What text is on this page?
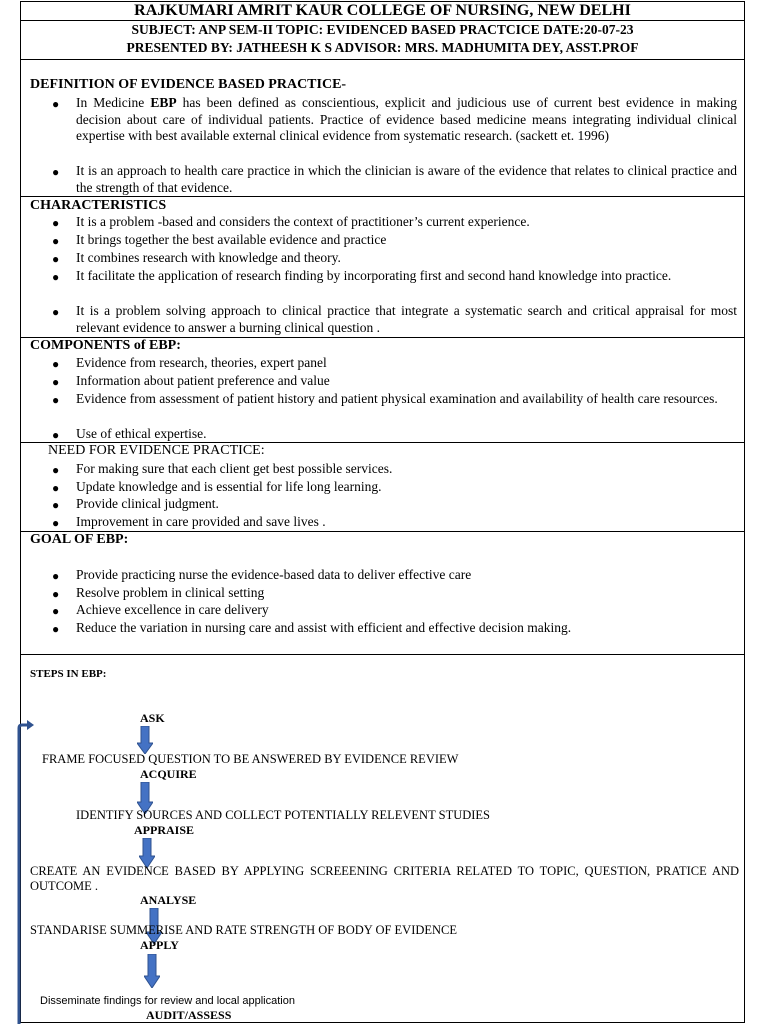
RAJKUMARI AMRIT KAUR COLLEGE OF NURSING, NEW DELHI
SUBJECT: ANP SEM-II TOPIC: EVIDENCED BASED PRACTCICE DATE:20-07-23
PRESENTED BY: JATHEESH K S ADVISOR: MRS. MADHUMITA DEY, ASST.PROF
DEFINITION OF EVIDENCE BASED PRACTICE-
● In Medicine EBP has been defined as conscientious, explicit and judicious use of current best evidence in making decision about care of individual patients. Practice of evidence based medicine means integrating individual clinical expertise with best available external clinical evidence from systematic research. (sackett et. 1996)
● It is an approach to health care practice in which the clinician is aware of the evidence that relates to clinical practice and the strength of that evidence.
CHARACTERISTICS
● It is a problem -based and considers the context of practitioner’s current experience.
● It brings together the best available evidence and practice
● It combines research with knowledge and theory.
● It facilitate the application of research finding by incorporating first and second hand knowledge into practice.
● It is a problem solving approach to clinical practice that integrate a systematic search and critical appraisal for most relevant evidence to answer a burning clinical question .
COMPONENTS of EBP:
● Evidence from research, theories, expert panel
● Information about patient preference and value
● Evidence from assessment of patient history and patient physical examination and availability of health care resources.
● Use of ethical expertise.
NEED FOR EVIDENCE PRACTICE:
● For making sure that each client get best possible services.
● Update knowledge and is essential for life long learning.
● Provide clinical judgment.
● Improvement in care provided and save lives .
GOAL OF EBP:
● Provide practicing nurse the evidence-based data to deliver effective care
● Resolve problem in clinical setting
● Achieve excellence in care delivery
● Reduce the variation in nursing care and assist with efficient and effective decision making.
STEPS IN EBP:
ASK
FRAME FOCUSED QUESTION TO BE ANSWERED BY EVIDENCE REVIEW
ACQUIRE
IDENTIFY SOURCES AND COLLECT POTENTIALLY RELEVENT STUDIES
APPRAISE
CREATE AN EVIDENCE BASED BY APPLYING SCREEENING CRITERIA RELATED TO TOPIC, QUESTION, PRATICE AND OUTCOME .
ANALYSE
STANDARISE SUMMERISE AND RATE STRENGTH OF BODY OF EVIDENCE
APPLY
Disseminate findings for review and local application
AUDIT/ASSESS
